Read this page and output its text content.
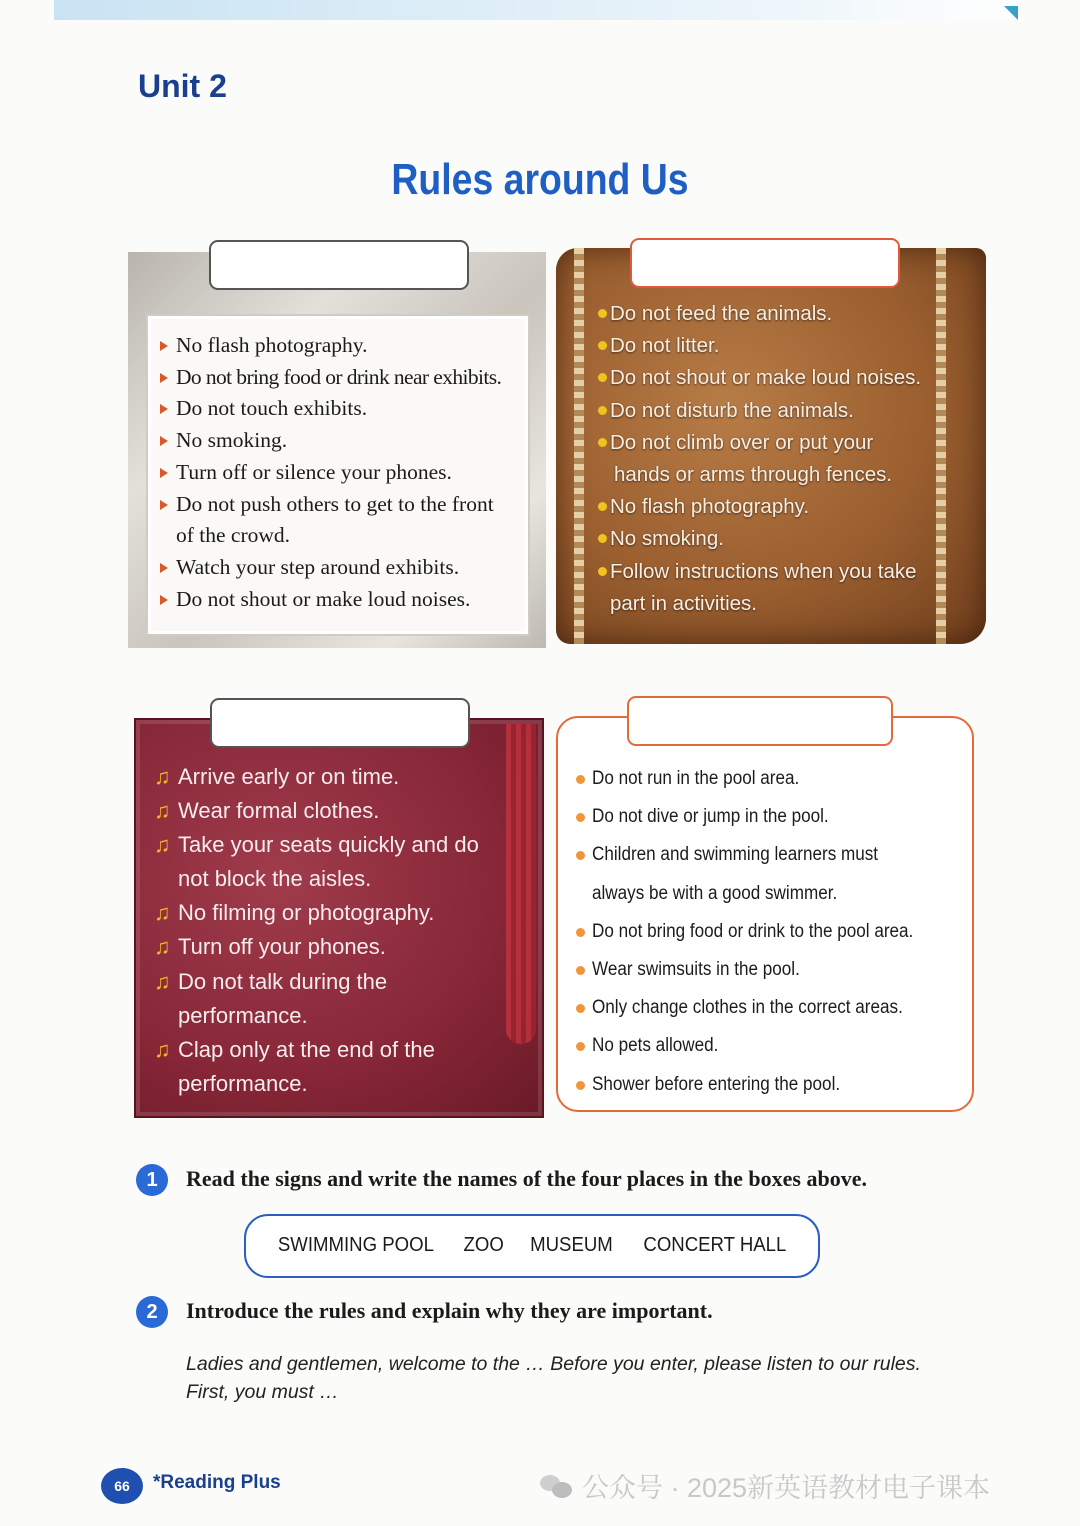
Unit 2
Rules around Us
No flash photography.
Do not bring food or drink near exhibits.
Do not touch exhibits.
No smoking.
Turn off or silence your phones.
Do not push others to get to the front
of the crowd.
Watch your step around exhibits.
Do not shout or make loud noises.
Do not feed the animals.
Do not litter.
Do not shout or make loud noises.
Do not disturb the animals.
Do not climb over or put your
hands or arms through fences.
No flash photography.
No smoking.
Follow instructions when you take
part in activities.
♫ Arrive early or on time.
♫ Wear formal clothes.
♫ Take your seats quickly and do
not block the aisles.
♫ No filming or photography.
♫ Turn off your phones.
♫ Do not talk during the
performance.
♫ Clap only at the end of the
performance.
Do not run in the pool area.
Do not dive or jump in the pool.
Children and swimming learners must
always be with a good swimmer.
Do not bring food or drink to the pool area.
Wear swimsuits in the pool.
Only change clothes in the correct areas.
No pets allowed.
Shower before entering the pool.
1	Read the signs and write the names of the four places in the boxes above.
SWIMMING POOL ZOO MUSEUM CONCERT HALL
2	Introduce the rules and explain why they are important.
Ladies and gentlemen, welcome to the … Before you enter, please listen to our rules.
First, you must …
66	*Reading Plus	公众号 · 2025新英语教材电子课本
